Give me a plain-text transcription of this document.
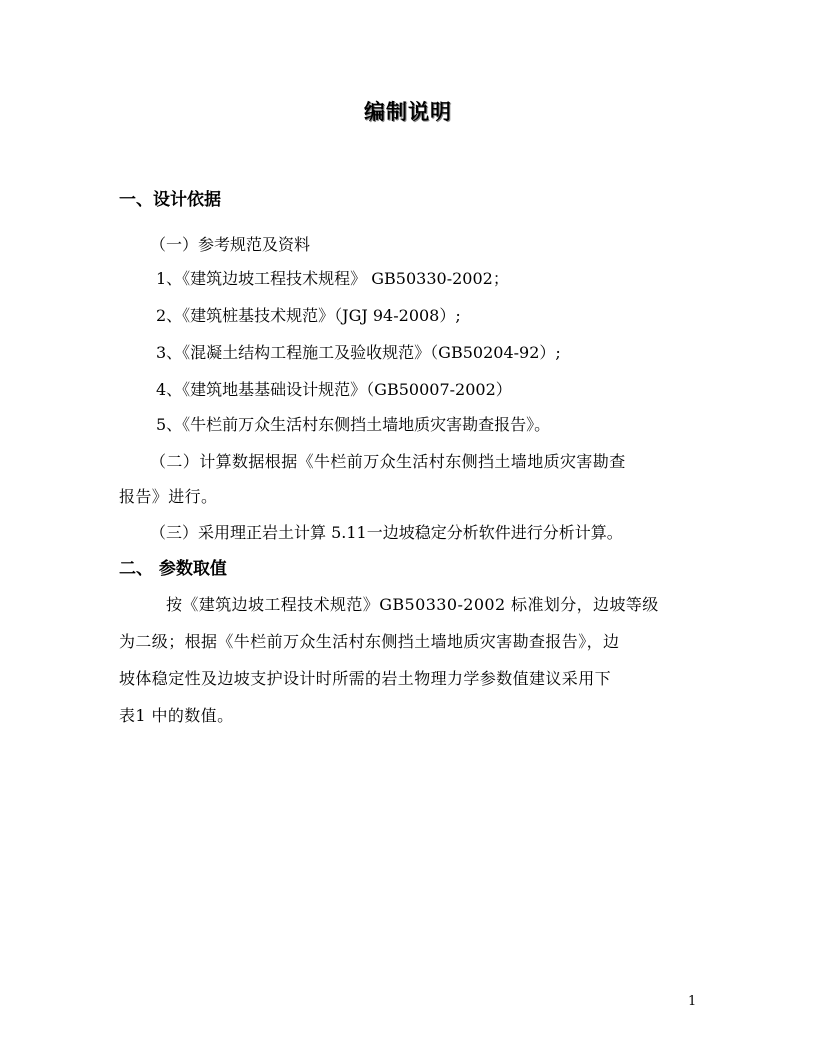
编制说明
一、设计依据
（一）参考规范及资料
1、《建筑边坡工程技术规程》 GB50330-2002；
2、《建筑桩基技术规范》（JGJ 94-2008）;
3、《混凝土结构工程施工及验收规范》（GB50204-92）;
4、《建筑地基基础设计规范》（GB50007-2002）
5、《牛栏前万众生活村东侧挡土墙地质灾害勘查报告》。
（二）计算数据根据《牛栏前万众生活村东侧挡土墙地质灾害勘查
报告》进行。
（三）采用理正岩土计算 5.11一边坡稳定分析软件进行分析计算。
二、 参数取值
按《建筑边坡工程技术规范》GB50330-2002 标准划分，边坡等级
为二级；根据《牛栏前万众生活村东侧挡土墙地质灾害勘查报告》，边
坡体稳定性及边坡支护设计时所需的岩土物理力学参数值建议采用下
表1 中的数值。
1
